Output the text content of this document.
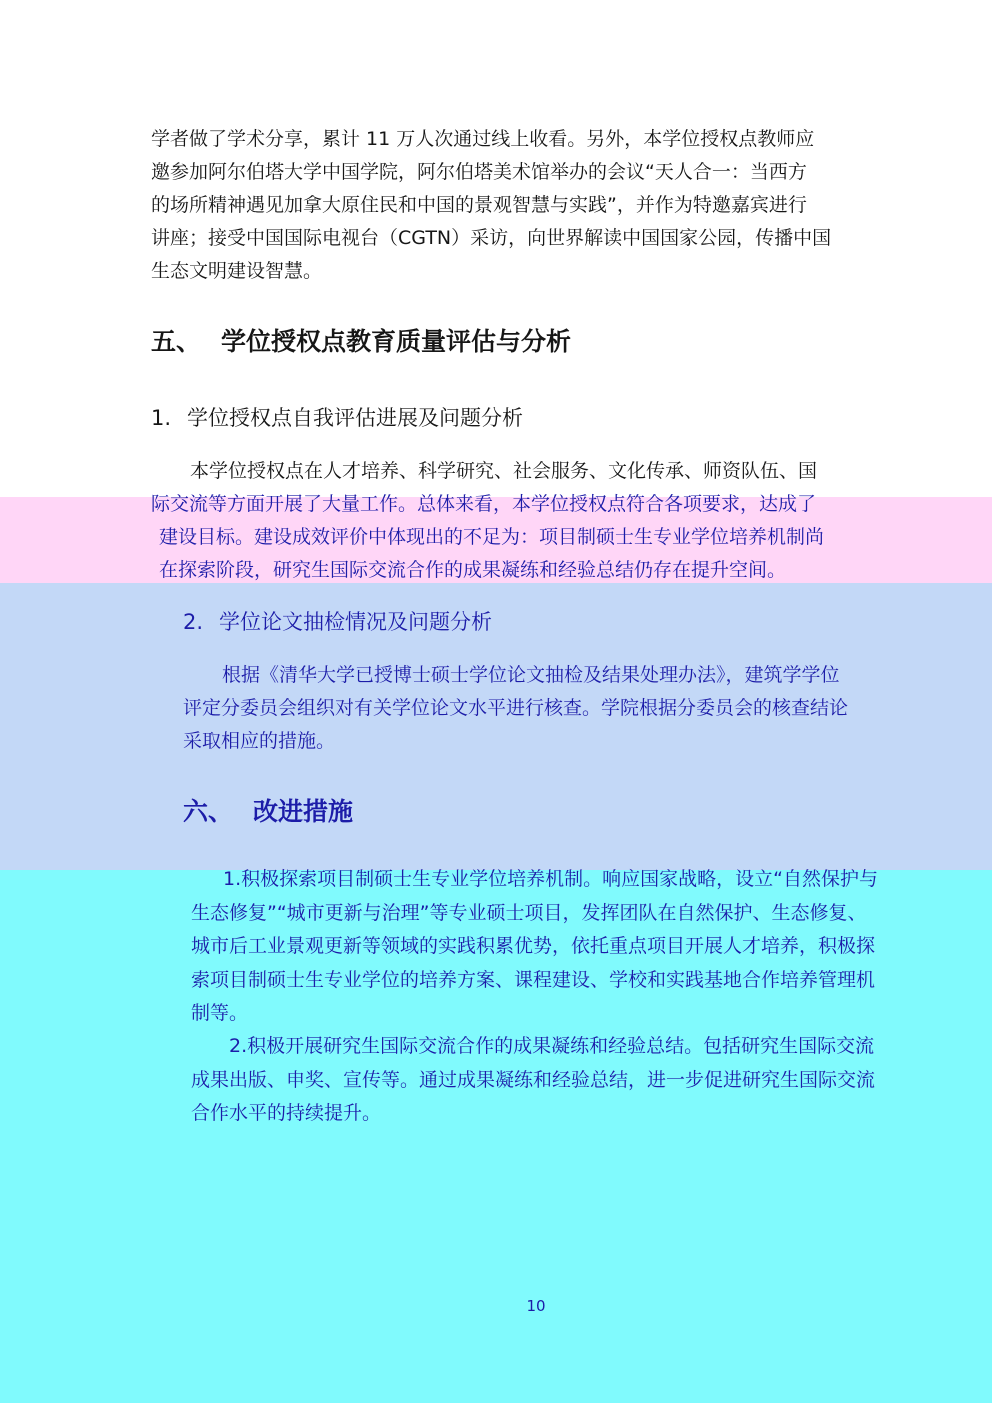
学者做了学术分享，累计 11 万人次通过线上收看。另外，本学位授权点教师应
邀参加阿尔伯塔大学中国学院，阿尔伯塔美术馆举办的会议“天人合一：当西方
的场所精神遇见加拿大原住民和中国的景观智慧与实践”，并作为特邀嘉宾进行
讲座；接受中国国际电视台（CGTN）采访，向世界解读中国国家公园，传播中国
生态文明建设智慧。
五、 学位授权点教育质量评估与分析
1. 学位授权点自我评估进展及问题分析
本学位授权点在人才培养、科学研究、社会服务、文化传承、师资队伍、国
际交流等方面开展了大量工作。总体来看，本学位授权点符合各项要求，达成了
建设目标。建设成效评价中体现出的不足为：项目制硕士生专业学位培养机制尚
在探索阶段，研究生国际交流合作的成果凝练和经验总结仍存在提升空间。
2. 学位论文抽检情况及问题分析
根据《清华大学已授博士硕士学位论文抽检及结果处理办法》，建筑学学位
评定分委员会组织对有关学位论文水平进行核查。学院根据分委员会的核查结论
采取相应的措施。
六、 改进措施
1.积极探索项目制硕士生专业学位培养机制。响应国家战略，设立“自然保护与生态修复”“城市更新与治理”等专业硕士项目，发挥团队在自然保护、生态修复、城市后工业景观更新等领域的实践积累优势，依托重点项目开展人才培养，积极探索项目制硕士生专业学位的培养方案、课程建设、学校和实践基地合作培养管理机制等。
2.积极开展研究生国际交流合作的成果凝练和经验总结。包括研究生国际交流成果出版、申奖、宣传等。通过成果凝练和经验总结，进一步促进研究生国际交流合作水平的持续提升。
10
